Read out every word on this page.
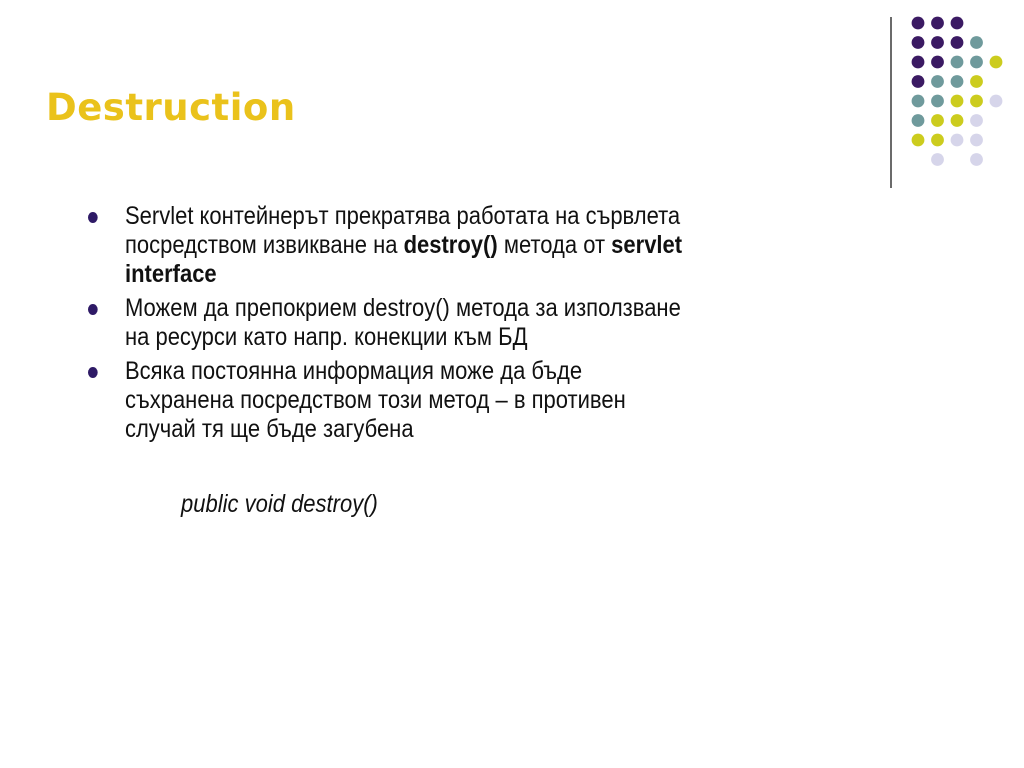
Destruction
Servlet контейнерът прекратява работата на сървлета посредством извикване на destroy() метода от servlet interface
Можем да препокрием destroy() метода за използване на ресурси като напр. конекции към БД
Всяка постоянна информация може да бъде съхранена посредством този метод – в противен случай тя ще бъде загубена
public void destroy()
